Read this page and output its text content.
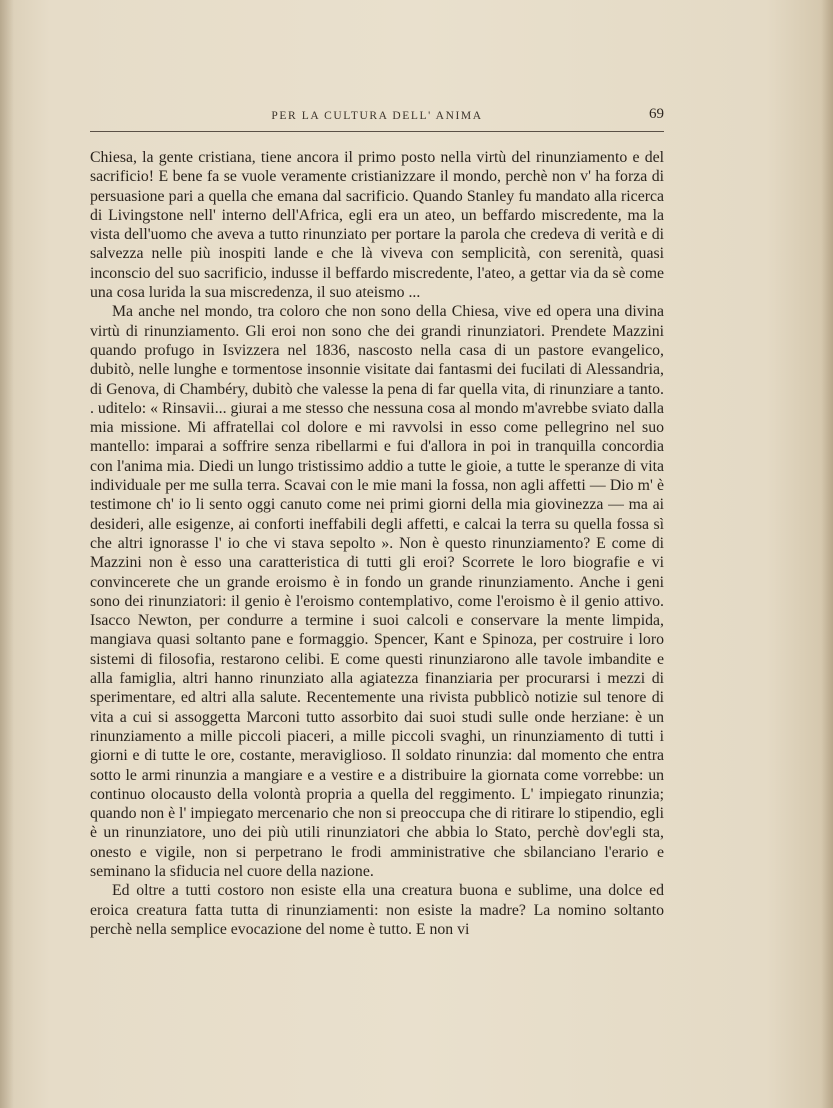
PER LA CULTURA DELL' ANIMA	69

Chiesa, la gente cristiana, tiene ancora il primo posto nella virtù del rinunziamento e del sacrificio! E bene fa se vuole veramente cristianizzare il mondo, perchè non v' ha forza di persuasione pari a quella che emana dal sacrificio. Quando Stanley fu mandato alla ricerca di Livingstone nell' interno dell'Africa, egli era un ateo, un beffardo miscredente, ma la vista dell'uomo che aveva a tutto rinunziato per portare la parola che credeva di verità e di salvezza nelle più inospiti lande e che là viveva con semplicità, con serenità, quasi inconscio del suo sacrificio, indusse il beffardo miscredente, l'ateo, a gettar via da sè come una cosa lurida la sua miscredenza, il suo ateismo ...

Ma anche nel mondo, tra coloro che non sono della Chiesa, vive ed opera una divina virtù di rinunziamento. Gli eroi non sono che dei grandi rinunziatori. Prendete Mazzini quando profugo in Isvizzera nel 1836, nascosto nella casa di un pastore evangelico, dubitò, nelle lunghe e tormentose insonnie visitate dai fantasmi dei fucilati di Alessandria, di Genova, di Chambéry, dubitò che valesse la pena di far quella vita, di rinunziare a tanto. . uditelo: « Rinsavii... giurai a me stesso che nessuna cosa al mondo m'avrebbe sviato dalla mia missione. Mi affratellai col dolore e mi ravvolsi in esso come pellegrino nel suo mantello: imparai a soffrire senza ribellarmi e fui d'allora in poi in tranquilla concordia con l'anima mia. Diedi un lungo tristissimo addio a tutte le gioie, a tutte le speranze di vita individuale per me sulla terra. Scavai con le mie mani la fossa, non agli affetti — Dio m' è testimone ch' io li sento oggi canuto come nei primi giorni della mia giovinezza — ma ai desideri, alle esigenze, ai conforti ineffabili degli affetti, e calcai la terra su quella fossa sì che altri ignorasse l' io che vi stava sepolto ». Non è questo rinunziamento? E come di Mazzini non è esso una caratteristica di tutti gli eroi? Scorrete le loro biografie e vi convincerete che un grande eroismo è in fondo un grande rinunziamento. Anche i geni sono dei rinunziatori: il genio è l'eroismo contemplativo, come l'eroismo è il genio attivo. Isacco Newton, per condurre a termine i suoi calcoli e conservare la mente limpida, mangiava quasi soltanto pane e formaggio. Spencer, Kant e Spinoza, per costruire i loro sistemi di filosofia, restarono celibi. E come questi rinunziarono alle tavole imbandite e alla famiglia, altri hanno rinunziato alla agiatezza finanziaria per procurarsi i mezzi di sperimentare, ed altri alla salute. Recentemente una rivista pubblicò notizie sul tenore di vita a cui si assoggetta Marconi tutto assorbito dai suoi studi sulle onde herziane: è un rinunziamento a mille piccoli piaceri, a mille piccoli svaghi, un rinunziamento di tutti i giorni e di tutte le ore, costante, meraviglioso. Il soldato rinunzia: dal momento che entra sotto le armi rinunzia a mangiare e a vestire e a distribuire la giornata come vorrebbe: un continuo olocausto della volontà propria a quella del reggimento. L' impiegato rinunzia; quando non è l' impiegato mercenario che non si preoccupa che di ritirare lo stipendio, egli è un rinunziatore, uno dei più utili rinunziatori che abbia lo Stato, perchè dov'egli sta, onesto e vigile, non si perpetrano le frodi amministrative che sbilanciano l'erario e seminano la sfiducia nel cuore della nazione.

Ed oltre a tutti costoro non esiste ella una creatura buona e sublime, una dolce ed eroica creatura fatta tutta di rinunziamenti: non esiste la madre? La nomino soltanto perchè nella semplice evocazione del nome è tutto. E non vi
